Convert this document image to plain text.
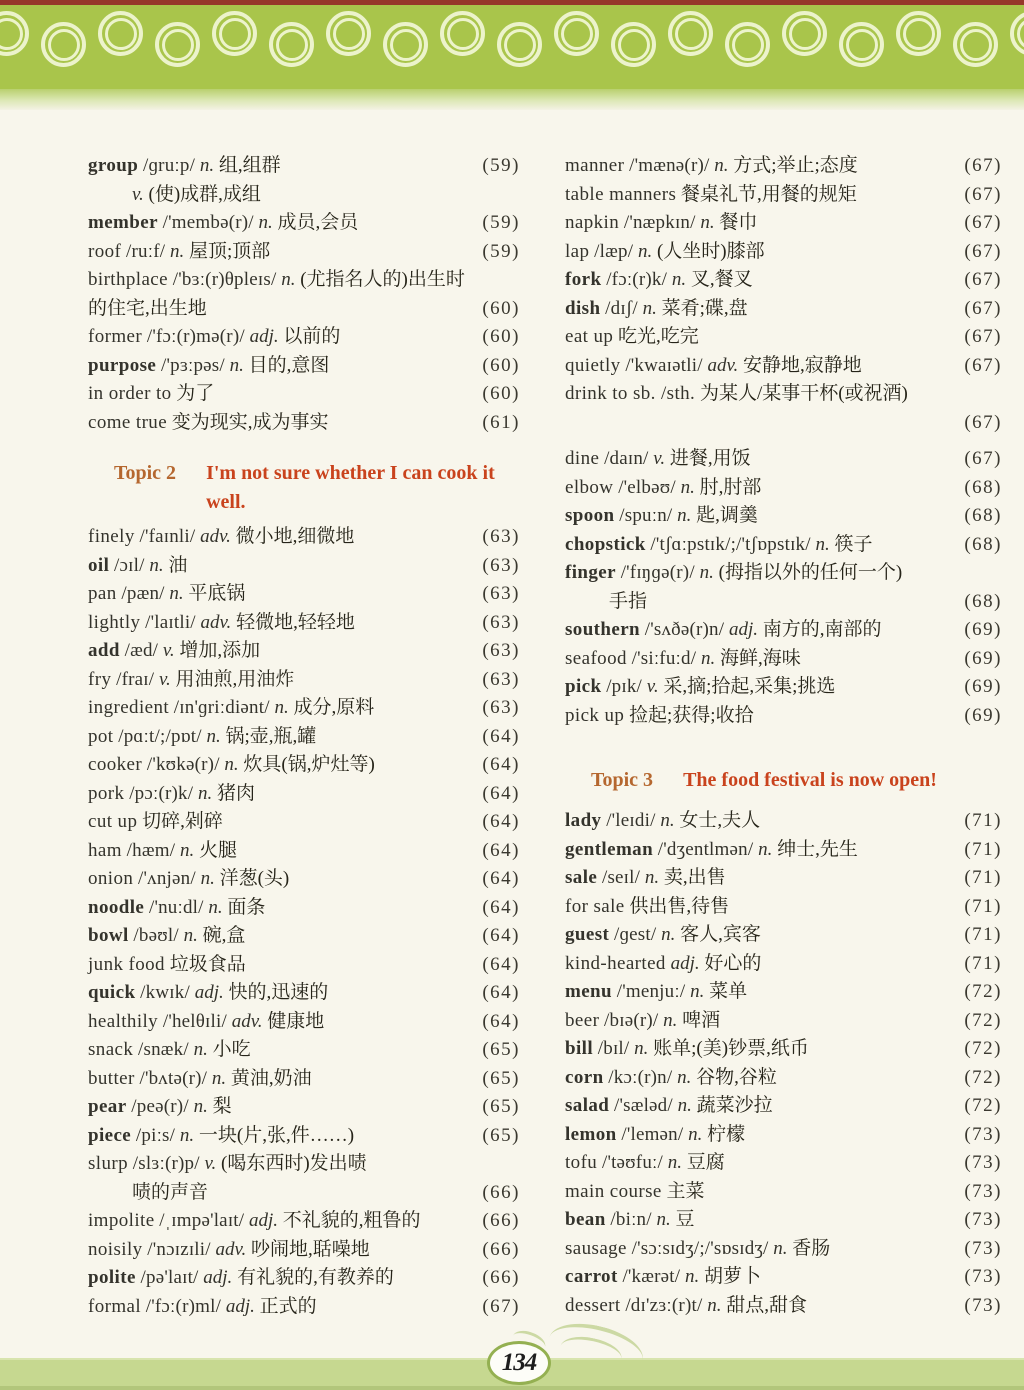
group /ɡruːp/ n. 组,组群	(59)
v. (使)成群,成组
member /'membə(r)/ n. 成员,会员	(59)
roof /ruːf/ n. 屋顶;顶部	(59)
birthplace /'bɜː(r)θpleɪs/ n. (尤指名人的)出生时的住宅,出生地	(60)
former /'fɔː(r)mə(r)/ adj. 以前的	(60)
purpose /'pɜːpəs/ n. 目的,意图	(60)
in order to 为了	(60)
come true 变为现实,成为事实	(61)
Topic 2 I'm not sure whether I can cook it well.
finely /'faɪnli/ adv. 微小地,细微地	(63)
oil /ɔɪl/ n. 油	(63)
pan /pæn/ n. 平底锅	(63)
lightly /'laɪtli/ adv. 轻微地,轻轻地	(63)
add /æd/ v. 增加,添加	(63)
fry /fraɪ/ v. 用油煎,用油炸	(63)
ingredient /ɪn'ɡriːdiənt/ n. 成分,原料	(63)
pot /pɑːt/;/pɒt/ n. 锅;壶,瓶,罐	(64)
cooker /'kʊkə(r)/ n. 炊具(锅,炉灶等)	(64)
pork /pɔː(r)k/ n. 猪肉	(64)
cut up 切碎,剁碎	(64)
ham /hæm/ n. 火腿	(64)
onion /'ʌnjən/ n. 洋葱(头)	(64)
noodle /'nuːdl/ n. 面条	(64)
bowl /bəʊl/ n. 碗,盒	(64)
junk food 垃圾食品	(64)
quick /kwɪk/ adj. 快的,迅速的	(64)
healthily /'helθɪli/ adv. 健康地	(64)
snack /snæk/ n. 小吃	(65)
butter /'bʌtə(r)/ n. 黄油,奶油	(65)
pear /peə(r)/ n. 梨	(65)
piece /piːs/ n. 一块(片,张,件……)	(65)
slurp /slɜː(r)p/ v. (喝东西时)发出啧
啧的声音	(66)
impolite /ˌɪmpə'laɪt/ adj. 不礼貌的,粗鲁的	(66)
noisily /'nɔɪzɪli/ adv. 吵闹地,聒噪地	(66)
polite /pə'laɪt/ adj. 有礼貌的,有教养的	(66)
formal /'fɔː(r)ml/ adj. 正式的	(67)
manner /'mænə(r)/ n. 方式;举止;态度	(67)
table manners 餐桌礼节,用餐的规矩	(67)
napkin /'næpkɪn/ n. 餐巾	(67)
lap /læp/ n. (人坐时)膝部	(67)
fork /fɔː(r)k/ n. 叉,餐叉	(67)
dish /dɪʃ/ n. 菜肴;碟,盘	(67)
eat up 吃光,吃完	(67)
quietly /'kwaɪətli/ adv. 安静地,寂静地	(67)
drink to sb. /sth. 为某人/某事干杯(或祝酒)
(67)
dine /daɪn/ v. 进餐,用饭	(67)
elbow /'elbəʊ/ n. 肘,肘部	(68)
spoon /spuːn/ n. 匙,调羹	(68)
chopstick /'tʃɑːpstɪk/;/'tʃɒpstɪk/ n. 筷子	(68)
finger /'fɪŋɡə(r)/ n. (拇指以外的任何一个)
手指	(68)
southern /'sʌðə(r)n/ adj. 南方的,南部的	(69)
seafood /'siːfuːd/ n. 海鲜,海味	(69)
pick /pɪk/ v. 采,摘;拾起,采集;挑选	(69)
pick up 捡起;获得;收拾	(69)
Topic 3 The food festival is now open!
lady /'leɪdi/ n. 女士,夫人	(71)
gentleman /'dʒentlmən/ n. 绅士,先生	(71)
sale /seɪl/ n. 卖,出售	(71)
for sale 供出售,待售	(71)
guest /ɡest/ n. 客人,宾客	(71)
kind-hearted adj. 好心的	(71)
menu /'menjuː/ n. 菜单	(72)
beer /bɪə(r)/ n. 啤酒	(72)
bill /bɪl/ n. 账单;(美)钞票,纸币	(72)
corn /kɔː(r)n/ n. 谷物,谷粒	(72)
salad /'sæləd/ n. 蔬菜沙拉	(72)
lemon /'lemən/ n. 柠檬	(73)
tofu /'təʊfuː/ n. 豆腐	(73)
main course 主菜	(73)
bean /biːn/ n. 豆	(73)
sausage /'sɔːsɪdʒ/;/'sɒsɪdʒ/ n. 香肠	(73)
carrot /'kærət/ n. 胡萝卜	(73)
dessert /dɪ'zɜː(r)t/ n. 甜点,甜食	(73)
134
